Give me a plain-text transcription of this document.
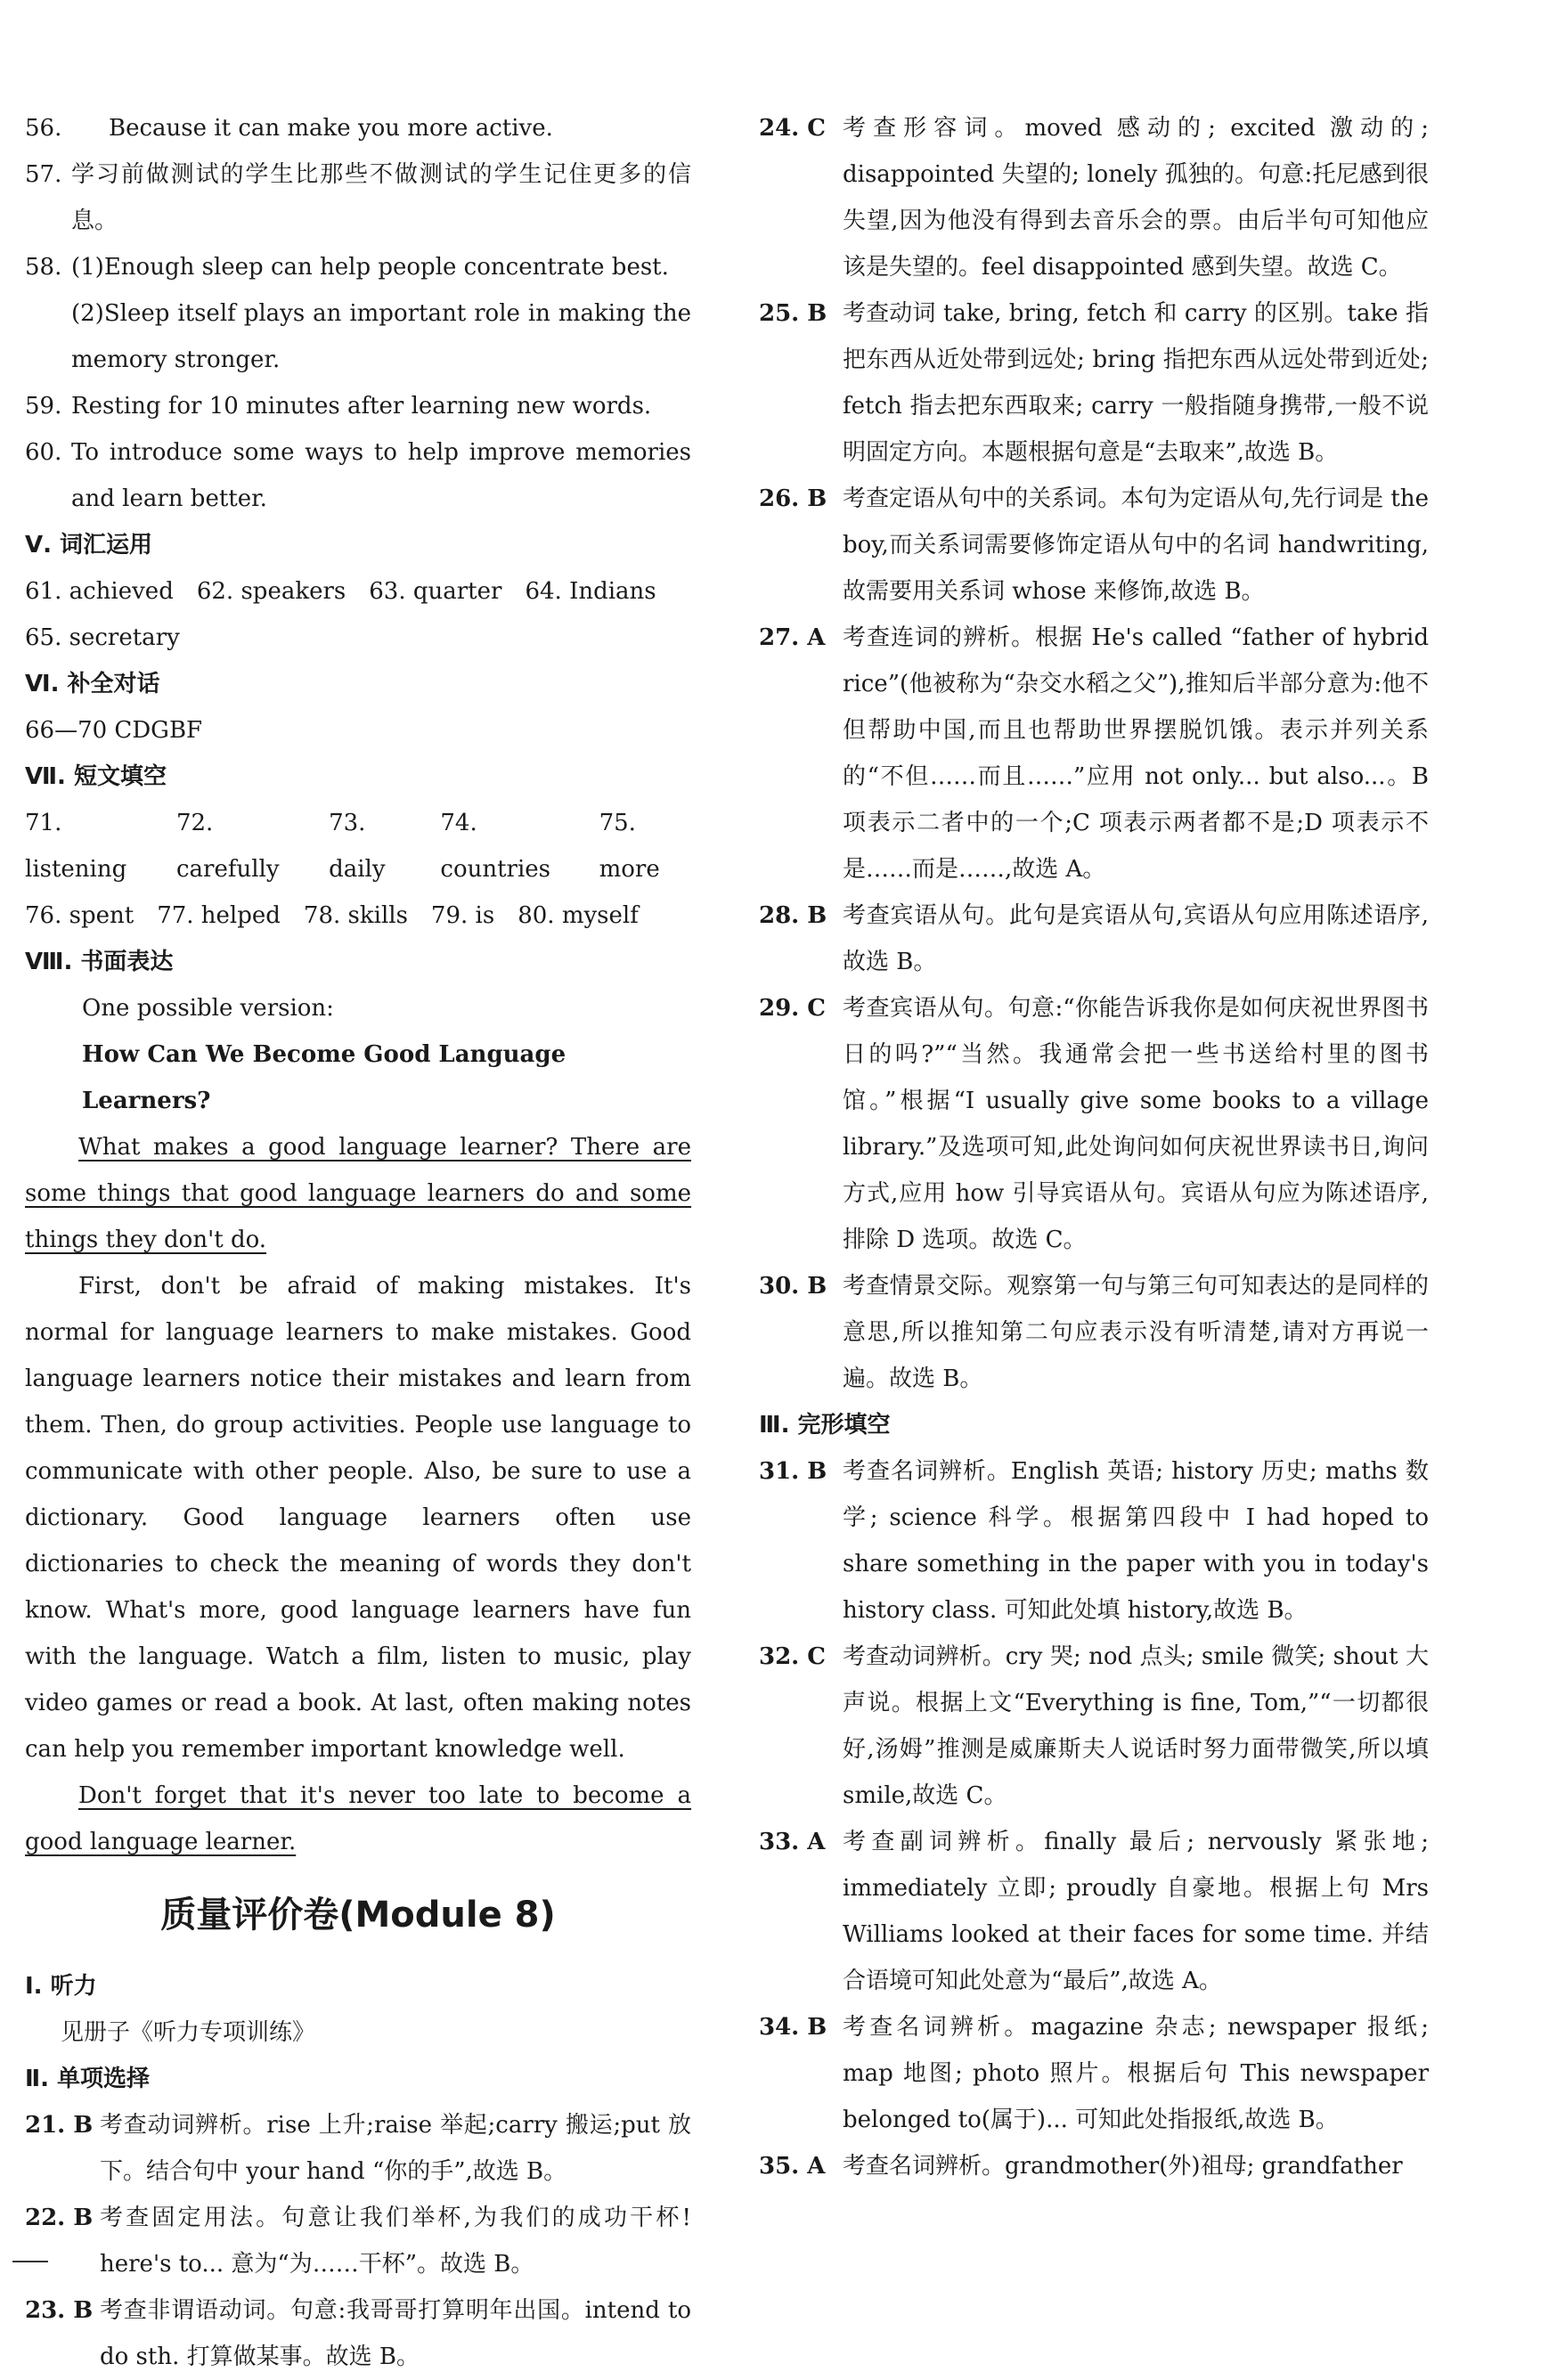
56.	Because it can make you more active.
57. 学习前做测试的学生比那些不做测试的学生记住更多的信息。
58. (1)Enough sleep can help people concentrate best.
(2)Sleep itself plays an important role in making the memory stronger.
59. Resting for 10 minutes after learning new words.
60. To introduce some ways to help improve memories and learn better.
Ⅴ. 词汇运用
61. achieved 62. speakers 63. quarter 64. Indians
65. secretary
Ⅵ. 补全对话
66—70 CDGBF
Ⅶ. 短文填空
71. listening
72. carefully
73. daily
74. countries
75. more
76. spent 77. helped 78. skills 79. is 80. myself
Ⅷ. 书面表达
One possible version:
How Can We Become Good Language Learners?
What makes a good language learner? There are some things that good language learners do and some things they don't do.
First, don't be afraid of making mistakes. It's normal for language learners to make mistakes. Good language learners notice their mistakes and learn from them. Then, do group activities. People use language to communicate with other people. Also, be sure to use a dictionary. Good language learners often use dictionaries to check the meaning of words they don't know. What's more, good language learners have fun with the language. Watch a film, listen to music, play video games or read a book. At last, often making notes can help you remember important knowledge well.
Don't forget that it's never too late to become a good language learner.
质量评价卷(Module 8)
Ⅰ. 听力
见册子《听力专项训练》
Ⅱ. 单项选择
21. B 考查动词辨析。rise 上升;raise 举起;carry 搬运;put 放下。结合句中 your hand “你的手”,故选 B。
22. B 考查固定用法。句意让我们举杯,为我们的成功干杯! here's to... 意为“为……干杯”。故选 B。
23. B 考查非谓语动词。句意:我哥哥打算明年出国。intend to do sth. 打算做某事。故选 B。
24. C 考查形容词。moved 感动的; excited 激动的; disappointed 失望的; lonely 孤独的。句意:托尼感到很失望,因为他没有得到去音乐会的票。由后半句可知他应该是失望的。feel disappointed 感到失望。故选 C。
25. B 考查动词 take, bring, fetch 和 carry 的区别。take 指把东西从近处带到远处; bring 指把东西从远处带到近处; fetch 指去把东西取来; carry 一般指随身携带,一般不说明固定方向。本题根据句意是“去取来”,故选 B。
26. B 考查定语从句中的关系词。本句为定语从句,先行词是 the boy,而关系词需要修饰定语从句中的名词 handwriting,故需要用关系词 whose 来修饰,故选 B。
27. A 考查连词的辨析。根据 He's called “father of hybrid rice”(他被称为“杂交水稻之父”),推知后半部分意为:他不但帮助中国,而且也帮助世界摆脱饥饿。表示并列关系的“不但……而且……”应用 not only... but also...。B 项表示二者中的一个;C 项表示两者都不是;D 项表示不是……而是……,故选 A。
28. B 考查宾语从句。此句是宾语从句,宾语从句应用陈述语序,故选 B。
29. C 考查宾语从句。句意:“你能告诉我你是如何庆祝世界图书日的吗?”“当然。我通常会把一些书送给村里的图书馆。”根据“I usually give some books to a village library.”及选项可知,此处询问如何庆祝世界读书日,询问方式,应用 how 引导宾语从句。宾语从句应为陈述语序,排除 D 选项。故选 C。
30. B 考查情景交际。观察第一句与第三句可知表达的是同样的意思,所以推知第二句应表示没有听清楚,请对方再说一遍。故选 B。
Ⅲ. 完形填空
31. B 考查名词辨析。English 英语; history 历史; maths 数学; science 科学。根据第四段中 I had hoped to share something in the paper with you in today's history class. 可知此处填 history,故选 B。
32. C 考查动词辨析。cry 哭; nod 点头; smile 微笑; shout 大声说。根据上文“Everything is fine, Tom,”“一切都很好,汤姆”推测是威廉斯夫人说话时努力面带微笑,所以填 smile,故选 C。
33. A 考查副词辨析。finally 最后; nervously 紧张地; immediately 立即; proudly 自豪地。根据上句 Mrs Williams looked at their faces for some time. 并结合语境可知此处意为“最后”,故选 A。
34. B 考查名词辨析。magazine 杂志; newspaper 报纸; map 地图; photo 照片。根据后句 This newspaper belonged to(属于)... 可知此处指报纸,故选 B。
35. A 考查名词辨析。grandmother(外)祖母; grandfather
